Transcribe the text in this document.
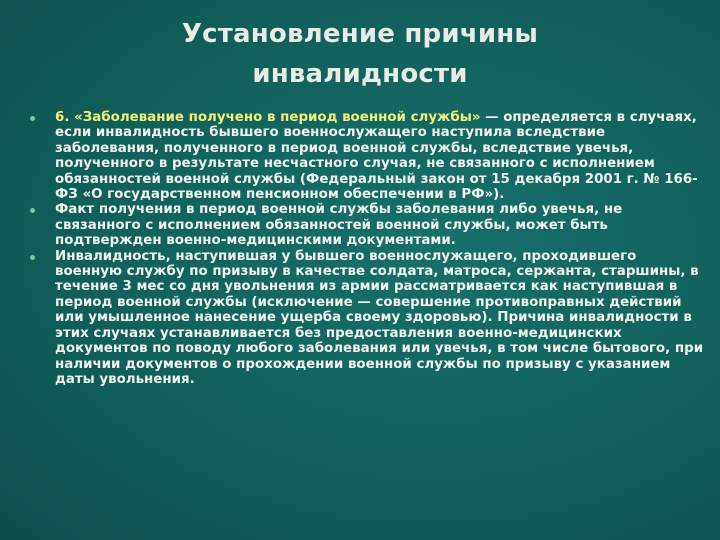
Установление причины
инвалидности
6. «Заболевание получено в период военной службы» — определяется в случаях, если инвалидность бывшего военнослужащего наступила вследствие заболевания, полученного в период военной службы, вследствие увечья, полученного в результате несчастного случая, не связанного с исполнением обязанностей военной службы (Федеральный закон от 15 декабря 2001 г. № 166-ФЗ «О государственном пенсионном обеспечении в РФ»).
Факт получения в период военной службы заболевания либо увечья, не связанного с исполнением обязанностей военной службы, может быть подтвержден военно-медицинскими документами.
Инвалидность, наступившая у бывшего военнослужащего, проходившего военную службу по призыву в качестве солдата, матроса, сержанта, старшины, в течение 3 мес со дня увольнения из армии рассматривается как наступившая в период военной службы (исключение — совершение противоправных действий или умышленное нанесение ущерба своему здоровью). Причина инвалидности в этих случаях устанавливается без предоставления военно-медицинских документов по поводу любого заболевания или увечья, в том числе бытового, при наличии документов о прохождении военной службы по призыву с указанием даты увольнения.
